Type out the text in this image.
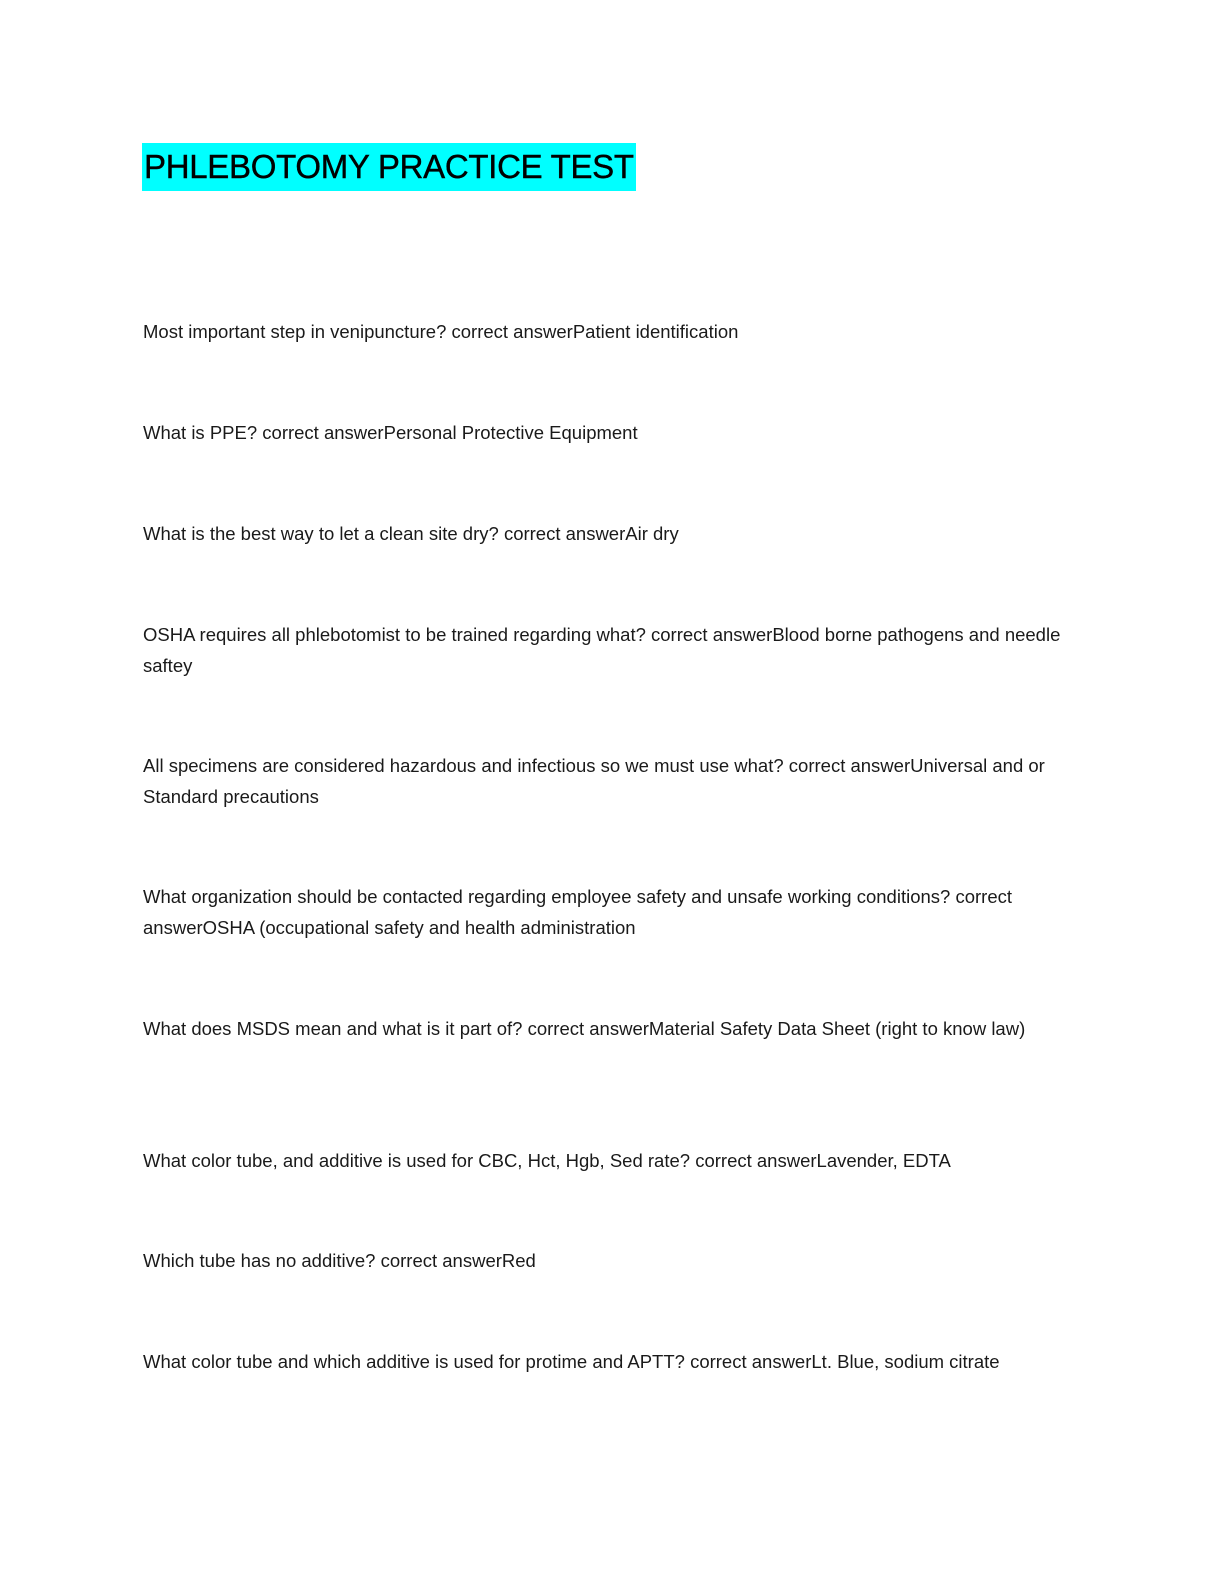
PHLEBOTOMY PRACTICE TEST

Most important step in venipuncture? correct answerPatient identification

What is PPE? correct answerPersonal Protective Equipment

What is the best way to let a clean site dry? correct answerAir dry

OSHA requires all phlebotomist to be trained regarding what? correct answerBlood borne pathogens and needle saftey

All specimens are considered hazardous and infectious so we must use what? correct answerUniversal and or Standard precautions

What organization should be contacted regarding employee safety and unsafe working conditions? correct answerOSHA (occupational safety and health administration

What does MSDS mean and what is it part of? correct answerMaterial Safety Data Sheet (right to know law)

What color tube, and additive is used for CBC, Hct, Hgb, Sed rate? correct answerLavender, EDTA

Which tube has no additive? correct answerRed

What color tube and which additive is used for protime and APTT? correct answerLt. Blue, sodium citrate
